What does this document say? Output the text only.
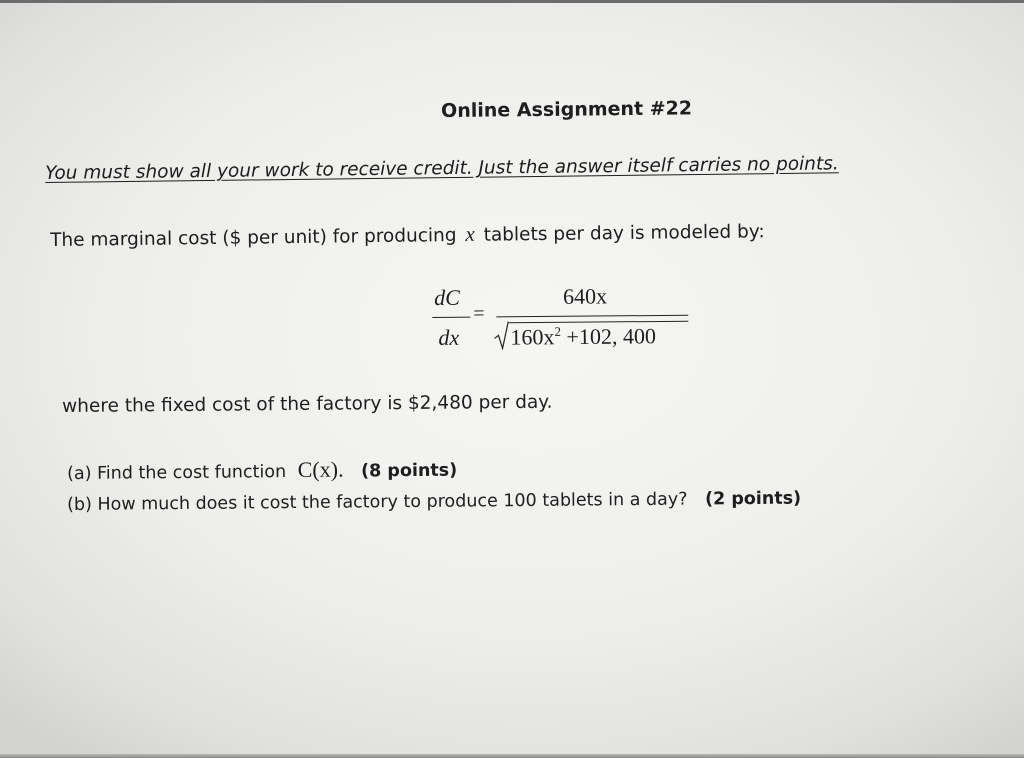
Online Assignment #22
You must show all your work to receive credit. Just the answer itself carries no points.
The marginal cost ($ per unit) for producing x tablets per day is modeled by:
dC
dx
=
640x
$160x^2 +102$, 400
where the fixed cost of the factory is $2,480 per day.
(a) Find the cost function C(x). (8 points)
(b) How much does it cost the factory to produce 100 tablets in a day? (2 points)
